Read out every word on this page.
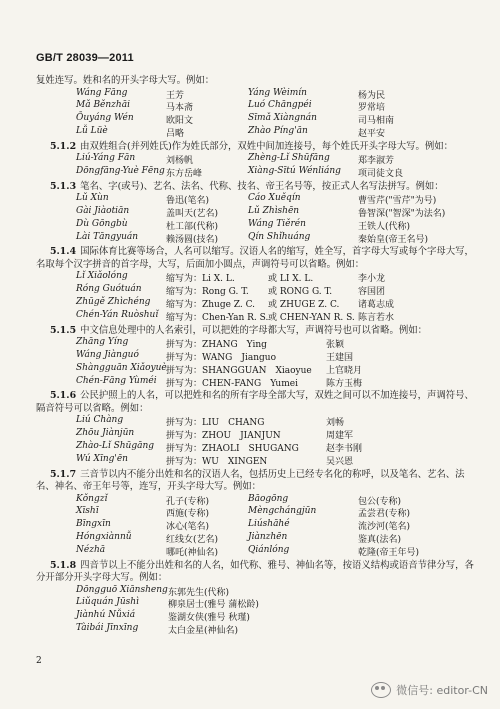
GB/T 28039—2011

复姓连写。姓和名的开头字母大写。例如：

Wáng Fāng	王芳	Yáng Wèimín	杨为民
Mǎ Běnzhāi	马本斋	Luó Chāngpéi	罗常培
Ōuyáng Wén	欧阳文	Sīmǎ Xiàngnán	司马相南
Lǚ Lüè	吕略	Zhào Píng'ān	赵平安

5.1.2 由双姓组合(并列姓氏)作为姓氏部分，双姓中间加连接号，每个姓氏开头字母大写。例如：

Liú-Yáng Fān	刘杨帆	Zhèng-Lǐ Shūfāng	郑李淑芳
Dōngfāng-Yuè Fēng 东方岳峰	Xiàng-Sītú Wénliáng 项司徒文良

5.1.3 笔名、字(或号)、艺名、法名、代称、技名、帝王名号等，按正式人名写法拼写。例如：

Lǔ Xùn	鲁迅(笔名)	Cáo Xuěqín	曹雪芹("雪芹"为号)
Gài Jiàotiān	盖叫天(艺名)	Lǔ Zhìshēn	鲁智深("智深"为法名)
Dù Gōngbù	杜工部(代称)	Wáng Tiěrén	王铁人(代称)
Lài Tāngyuán	赖汤圆(技名)	Qín Shǐhuáng	秦始皇(帝王名号)

5.1.4 国际体育比赛等场合，人名可以缩写。汉语人名的缩写，姓全写，首字母大写或每个字母大写，名取每个汉字拼音的首字母，大写，后面加小圆点，声调符号可以省略。例如：

Lǐ Xiǎolóng	缩写为：Li X. L.	或 LI X. L.	李小龙
Róng Guótuán	缩写为：Rong G. T. 或 RONG G. T.	容国团
Zhūgě Zhìchéng 缩写为：Zhuge Z. C. 或 ZHUGE Z. C. 诸葛志成
Chén-Yán Ruòshuǐ 缩写为：Chen-Yan R. S. 或 CHEN-YAN R. S. 陈言若水

5.1.5 中文信息处理中的人名索引，可以把姓的字母都大写，声调符号也可以省略。例如：

Zhāng Yíng	拼写为：ZHANG　Ying	张颖
Wáng Jiànguó	拼写为：WANG　Jianguo	王建国
Shàngguān Xiǎoyuè 拼写为：SHANGGUAN　Xiaoyue 上官晓月
Chén-Fāng Yùméi 拼写为：CHEN-FANG　Yumei	陈方玉梅

5.1.6 公民护照上的人名，可以把姓和名的所有字母全部大写，双姓之间可以不加连接号，声调符号、隔音符号可以省略。例如：

Liú Chàng	拼写为：LIU　CHANG	刘畅
Zhōu Jiànjūn	拼写为：ZHOU　JIANJUN	周建军
Zhào-Lǐ Shūgāng 拼写为：ZHAOLI　SHUGANG	赵李书刚
Wú Xīng'ēn	拼写为：WU　XINGEN	吴兴恩

5.1.7 三音节以内不能分出姓和名的汉语人名，包括历史上已经专名化的称呼，以及笔名、艺名、法名、神名、帝王年号等，连写，开头字母大写。例如：

Kǒngzǐ	孔子(专称)	Bāogōng	包公(专称)
Xīshī	西施(专称)	Mèngchángjūn	孟尝君(专称)
Bīngxīn	冰心(笔名)	Liúshāhé	流沙河(笔名)
Hóngxiànnǚ	红线女(艺名)	Jiànzhēn	鉴真(法名)
Nézhā	哪吒(神仙名)	Qiánlóng	乾隆(帝王年号)

5.1.8 四音节以上不能分出姓和名的人名，如代称、雅号、神仙名等，按语义结构或语音节律分写，各分开部分开头字母大写。例如：

Dōngguō Xiānsheng 东郭先生(代称)
Liǔquán Jūshì	柳泉居士(雅号 蒲松龄)
Jiànhú Nǚxiá	鉴湖女侠(雅号 秋瑾)
Tàibái Jīnxīng	太白金星(神仙名)
2
微信号: editor-CN
